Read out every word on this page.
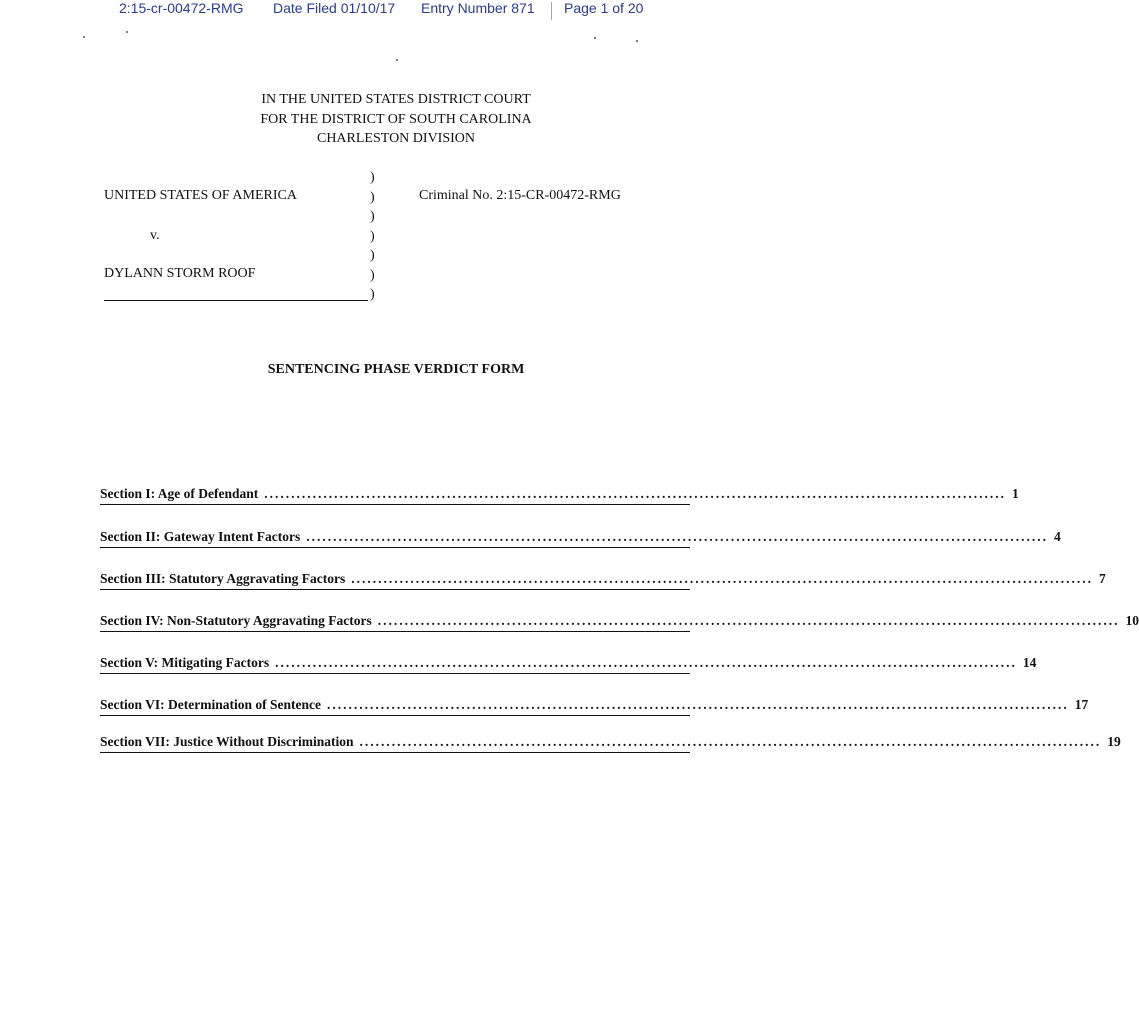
2:15-cr-00472-RMG Date Filed 01/10/17 Entry Number 871 Page 1 of 20
IN THE UNITED STATES DISTRICT COURT
FOR THE DISTRICT OF SOUTH CAROLINA
CHARLESTON DIVISION
UNITED STATES OF AMERICA
v.
DYLANN STORM ROOF
)
)
)
)
)
)
)
Criminal No. 2:15-CR-00472-RMG
SENTENCING PHASE VERDICT FORM
Section I: Age of Defendant .......................................................................................................................................... 1
Section II: Gateway Intent Factors .......................................................................................................................................... 4
Section III: Statutory Aggravating Factors .......................................................................................................................................... 7
Section IV: Non-Statutory Aggravating Factors .......................................................................................................................................... 10
Section V: Mitigating Factors .......................................................................................................................................... 14
Section VI: Determination of Sentence .......................................................................................................................................... 17
Section VII: Justice Without Discrimination .......................................................................................................................................... 19
